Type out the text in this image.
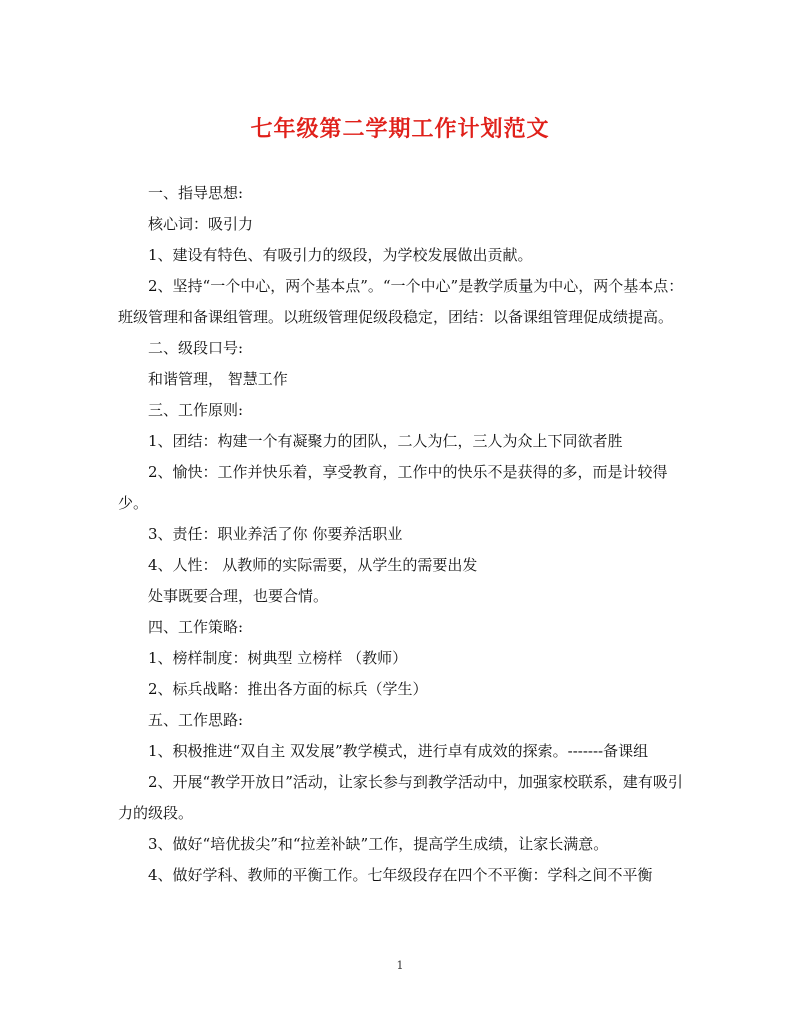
七年级第二学期工作计划范文

一、指导思想:

核心词：吸引力

1、建设有特色、有吸引力的级段，为学校发展做出贡献。

2、坚持“一个中心，两个基本点”。“一个中心”是教学质量为中心，两个基本点：班级管理和备课组管理。以班级管理促级段稳定，团结：以备课组管理促成绩提高。

二、级段口号:

和谐管理， 智慧工作

三、工作原则:

1、团结：构建一个有凝聚力的团队，二人为仁，三人为众上下同欲者胜

2、愉快：工作并快乐着，享受教育，工作中的快乐不是获得的多，而是计较得少。

3、责任：职业养活了你 你要养活职业

4、人性： 从教师的实际需要，从学生的需要出发

处事既要合理，也要合情。

四、工作策略:

1、榜样制度：树典型 立榜样 （教师）

2、标兵战略：推出各方面的标兵（学生）

五、工作思路:

1、积极推进“双自主 双发展”教学模式，进行卓有成效的探索。-------备课组

2、开展“教学开放日”活动，让家长参与到教学活动中，加强家校联系，建有吸引力的级段。

3、做好“培优拔尖”和“拉差补缺”工作，提高学生成绩，让家长满意。

4、做好学科、教师的平衡工作。七年级段存在四个不平衡：学科之间不平衡

1
